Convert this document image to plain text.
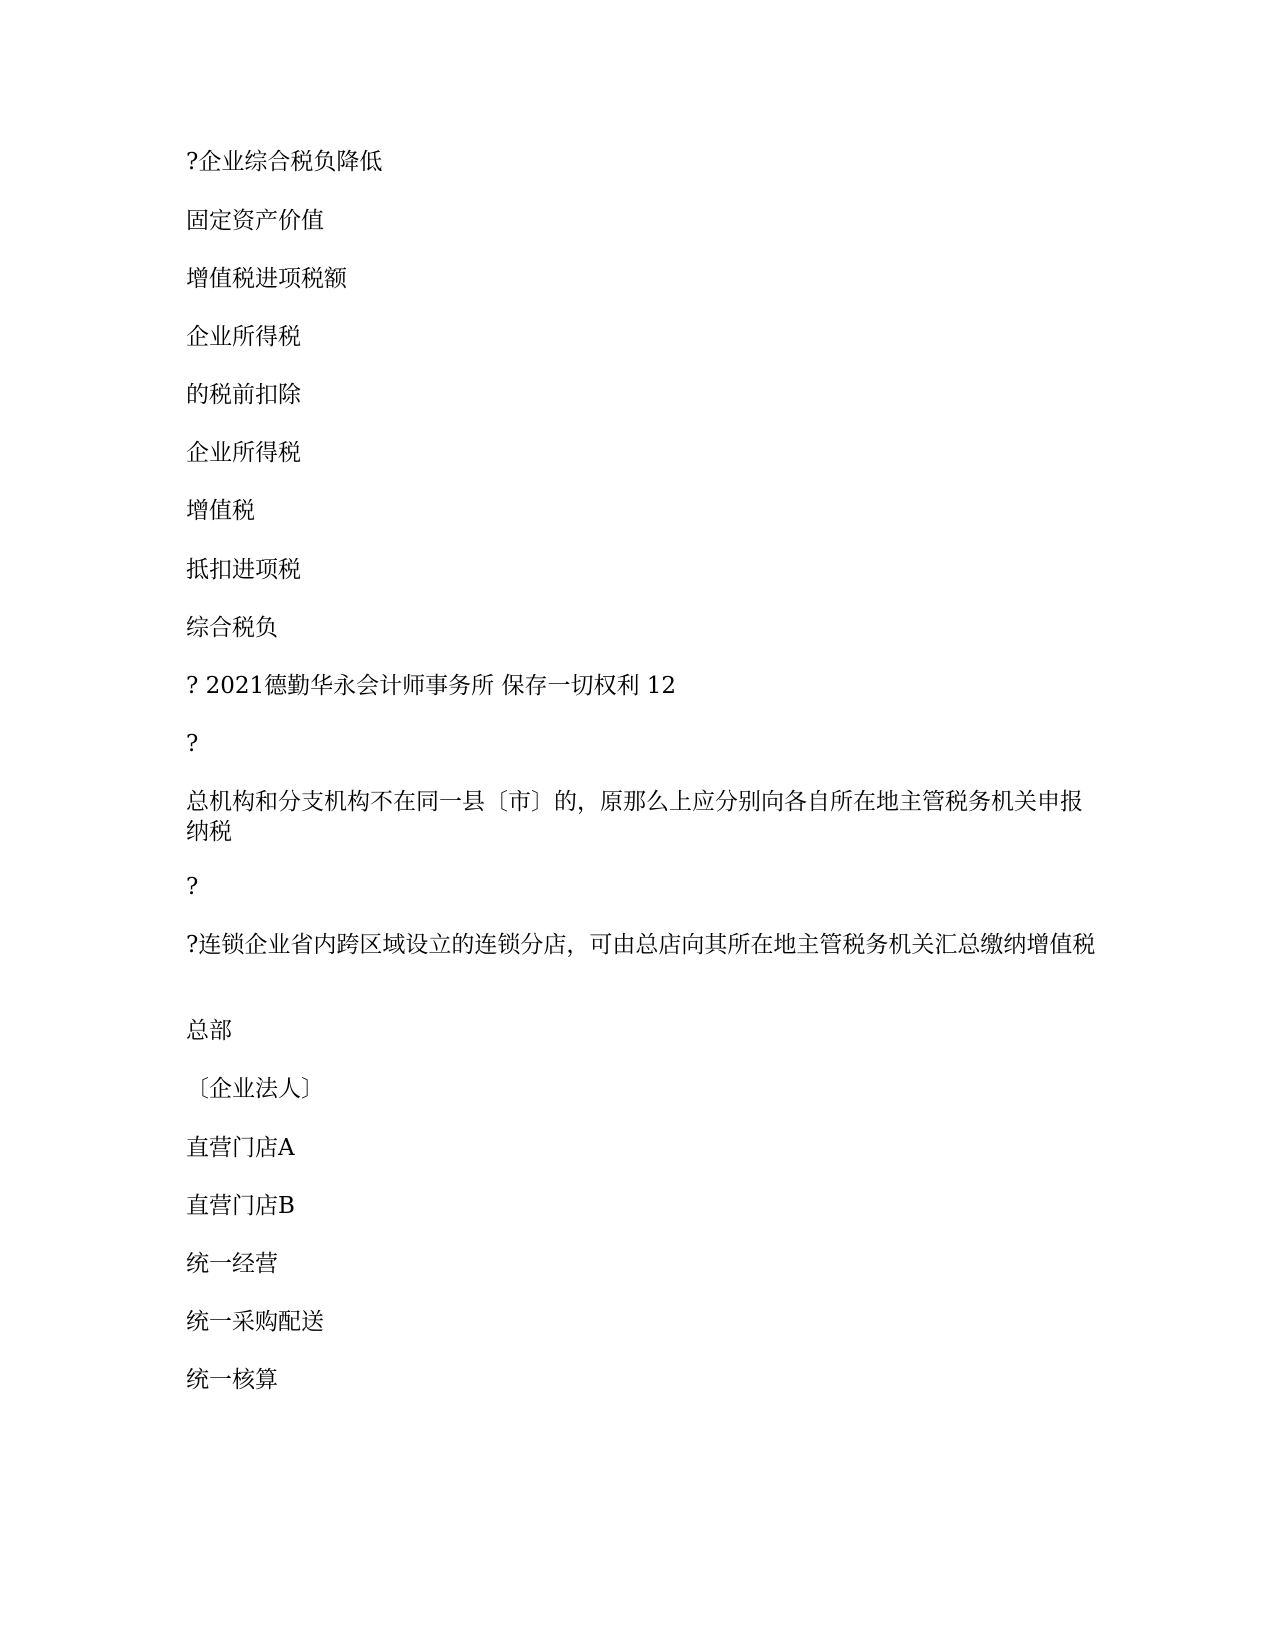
?企业综合税负降低
固定资产价值
增值税进项税额
企业所得税
的税前扣除
企业所得税
增值税
抵扣进项税
综合税负
? 2021德勤华永会计师事务所 保存一切权利 12
?
总机构和分支机构不在同一县〔市〕的，原那么上应分别向各自所在地主管税务机关申报纳税
?
?连锁企业省内跨区域设立的连锁分店，可由总店向其所在地主管税务机关汇总缴纳增值税
总部
〔企业法人〕
直营门店A
直营门店B
统一经营
统一采购配送
统一核算
